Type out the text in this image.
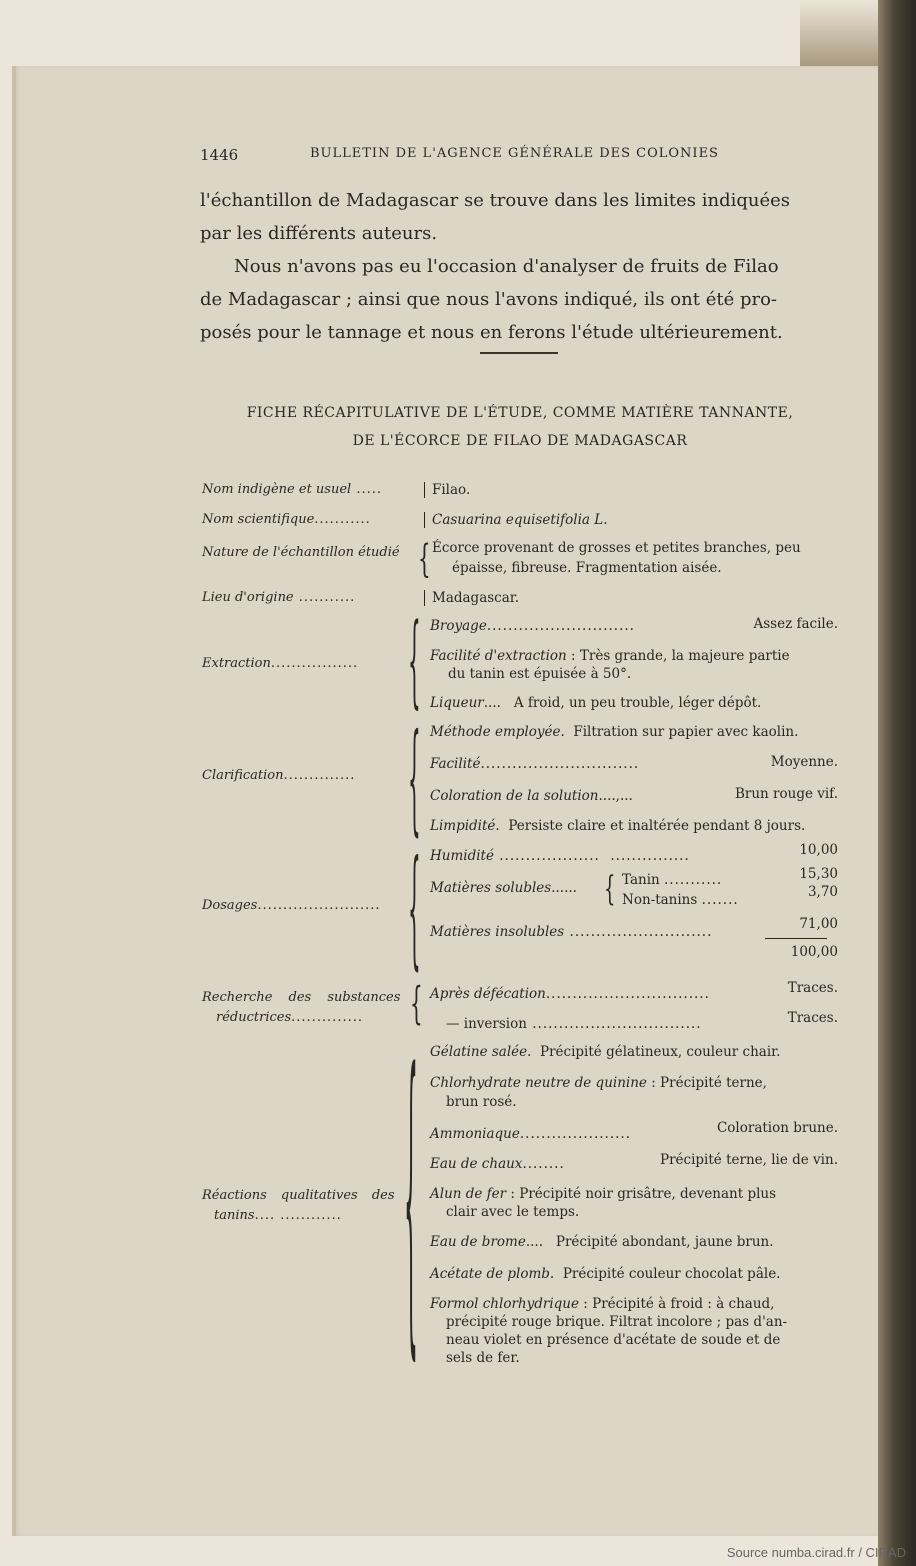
1446	BULLETIN DE L'AGENCE GÉNÉRALE DES COLONIES
l'échantillon de Madagascar se trouve dans les limites indiquées
par les différents auteurs.
Nous n'avons pas eu l'occasion d'analyser de fruits de Filao
de Madagascar ; ainsi que nous l'avons indiqué, ils ont été pro-
posés pour le tannage et nous en ferons l'étude ultérieurement.
FICHE RÉCAPITULATIVE DE L'ÉTUDE, COMME MATIÈRE TANNANTE,
DE L'ÉCORCE DE FILAO DE MADAGASCAR
Nom indigène et usuel .....	Filao.
Nom scientifique...........	Casuarina equisetifolia L.
Nature de l'échantillon étudié { Écorce provenant de grosses et petites branches, peu
épaisse, fibreuse. Fragmentation aisée.
Lieu d'origine ...........	Madagascar.
Extraction................. { Broyage............................	Assez facile.
Facilité d'extraction : Très grande, la majeure partie
du tanin est épuisée à 50°.
Liqueur....   A froid, un peu trouble, léger dépôt.
Clarification.............. { Méthode employée. Filtration sur papier avec kaolin.
Facilité..............................	Moyenne.
Coloration de la solution....,...	Brun rouge vif.
Limpidité. Persiste claire et inaltérée pendant 8 jours.
Dosages........................ { Humidité ...................  ...............	10,00
Matières solubles...... { Tanin ...........	15,30
Non-tanins .......	3,70
Matières insolubles ...........................	71,00
100,00
Recherche des substances
réductrices.............. { Après défécation...............................	Traces.
— inversion ................................	Traces.
Réactions qualitatives des
tanins.... ............ { Gélatine salée. Précipité gélatineux, couleur chair.
Chlorhydrate neutre de quinine : Précipité terne,
brun rosé.
Ammoniaque.....................	Coloration brune.
Eau de chaux........	Précipité terne, lie de vin.
Alun de fer : Précipité noir grisâtre, devenant plus
clair avec le temps.
Eau de brome....   Précipité abondant, jaune brun.
Acétate de plomb. Précipité couleur chocolat pâle.
Formol chlorhydrique : Précipité à froid : à chaud,
précipité rouge brique. Filtrat incolore ; pas d'an-
neau violet en présence d'acétate de soude et de
sels de fer.
Source numba.cirad.fr / CIRAD
